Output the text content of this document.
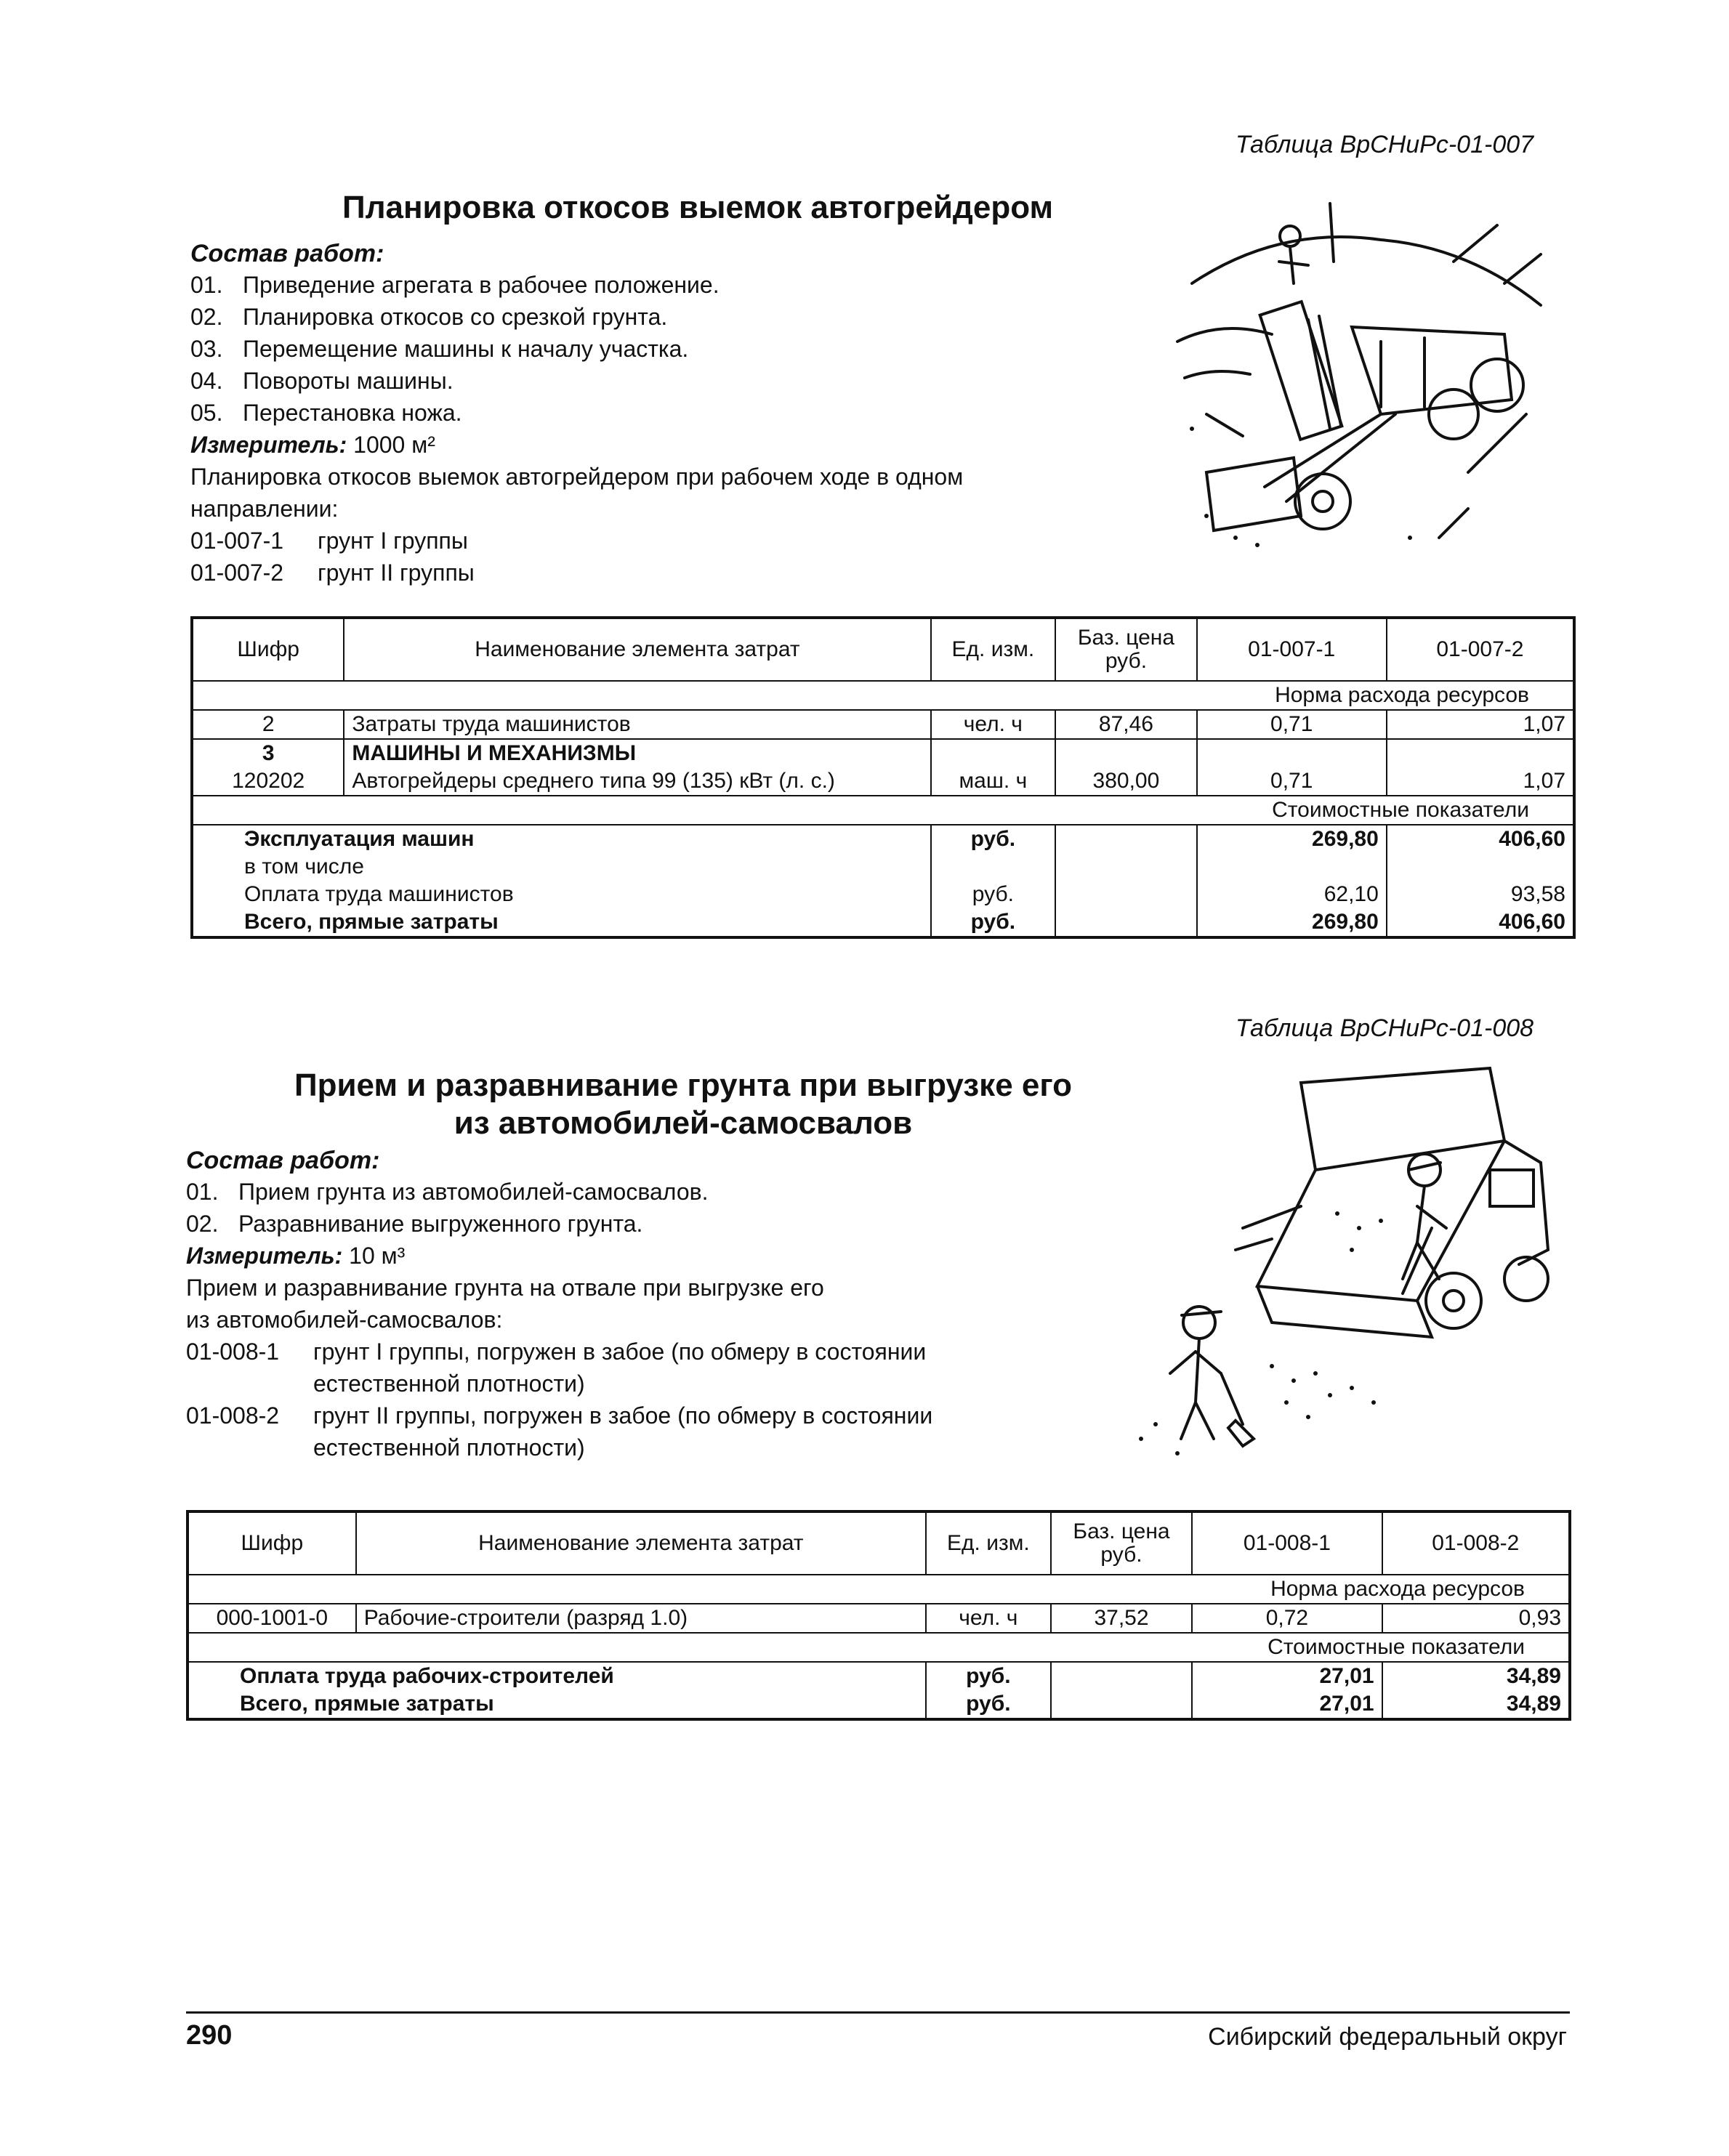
Таблица ВрСНиРс-01-007
Планировка откосов выемок автогрейдером
Состав работ:
01. Приведение агрегата в рабочее положение.
02. Планировка откосов со срезкой грунта.
03. Перемещение машины к началу участка.
04. Повороты машины.
05. Перестановка ножа.
Измеритель: 1000 м²
Планировка откосов выемок автогрейдером при рабочем ходе в одном
направлении:
01-007-1 грунт I группы
01-007-2 грунт II группы
Шифр	Наименование элемента затрат	Ед. изм.	Баз. цена руб.	01-007-1	01-007-2
Норма расхода ресурсов					
2	Затраты труда машинистов	чел. ч	87,46	0,71	1,07
3	МАШИНЫ И МЕХАНИЗМЫ				
120202	Автогрейдеры среднего типа 99 (135) кВт (л. с.)	маш. ч	380,00	0,71	1,07
Стоимостные показатели					
Эксплуатация машин		руб.		269,80	406,60
в том числе					
Оплата труда машинистов		руб.		62,10	93,58
Всего, прямые затраты		руб.		269,80	406,60
Таблица ВрСНиРс-01-008
Прием и разравнивание грунта при выгрузке его
из автомобилей-самосвалов
Состав работ:
01. Прием грунта из автомобилей-самосвалов.
02. Разравнивание выгруженного грунта.
Измеритель: 10 м³
Прием и разравнивание грунта на отвале при выгрузке его
из автомобилей-самосвалов:
01-008-1 грунт I группы, погружен в забое (по обмеру в состоянии
естественной плотности)
01-008-2 грунт II группы, погружен в забое (по обмеру в состоянии
естественной плотности)
Шифр	Наименование элемента затрат	Ед. изм.	Баз. цена руб.	01-008-1	01-008-2
Норма расхода ресурсов					
000-1001-0	Рабочие-строители (разряд 1.0)	чел. ч	37,52	0,72	0,93
Стоимостные показатели					
Оплата труда рабочих-строителей		руб.		27,01	34,89
Всего, прямые затраты		руб.		27,01	34,89
290	Сибирский федеральный округ
